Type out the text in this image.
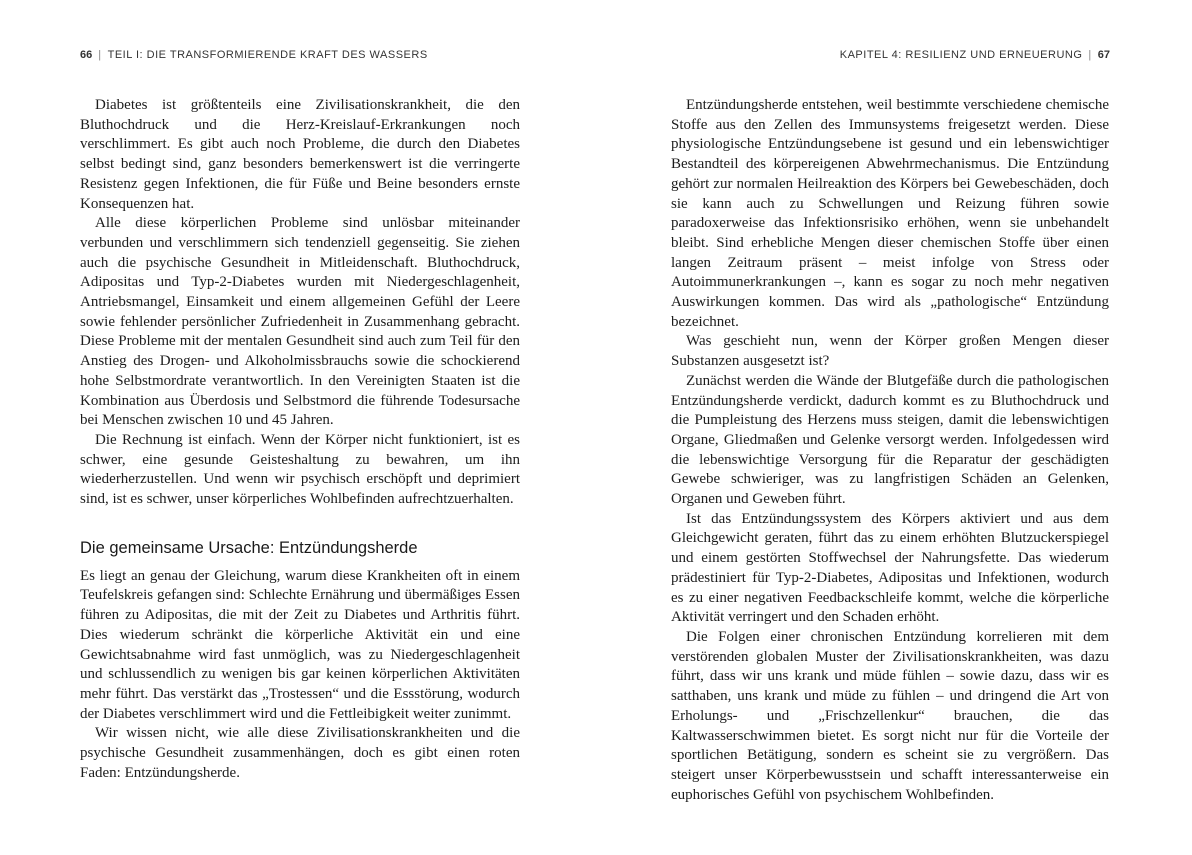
66 | TEIL I: DIE TRANSFORMIERENDE KRAFT DES WASSERS

Diabetes ist größtenteils eine Zivilisationskrankheit, die den Bluthochdruck und die Herz-Kreislauf-Erkrankungen noch verschlimmert. Es gibt auch noch Probleme, die durch den Diabetes selbst bedingt sind, ganz besonders bemerkenswert ist die verringerte Resistenz gegen Infektionen, die für Füße und Beine besonders ernste Konsequenzen hat.

Alle diese körperlichen Probleme sind unlösbar miteinander verbunden und verschlimmern sich tendenziell gegenseitig. Sie ziehen auch die psychische Gesundheit in Mitleidenschaft. Bluthochdruck, Adipositas und Typ-2-Diabetes wurden mit Niedergeschlagenheit, Antriebsmangel, Einsamkeit und einem allgemeinen Gefühl der Leere sowie fehlender persönlicher Zufriedenheit in Zusammenhang gebracht. Diese Probleme mit der mentalen Gesundheit sind auch zum Teil für den Anstieg des Drogen- und Alkoholmissbrauchs sowie die schockierend hohe Selbstmordrate verantwortlich. In den Vereinigten Staaten ist die Kombination aus Überdosis und Selbstmord die führende Todesursache bei Menschen zwischen 10 und 45 Jahren.

Die Rechnung ist einfach. Wenn der Körper nicht funktioniert, ist es schwer, eine gesunde Geisteshaltung zu bewahren, um ihn wiederherzustellen. Und wenn wir psychisch erschöpft und deprimiert sind, ist es schwer, unser körperliches Wohlbefinden aufrechtzuerhalten.

Die gemeinsame Ursache: Entzündungsherde

Es liegt an genau der Gleichung, warum diese Krankheiten oft in einem Teufelskreis gefangen sind: Schlechte Ernährung und übermäßiges Essen führen zu Adipositas, die mit der Zeit zu Diabetes und Arthritis führt. Dies wiederum schränkt die körperliche Aktivität ein und eine Gewichtsabnahme wird fast unmöglich, was zu Niedergeschlagenheit und schlussendlich zu wenigen bis gar keinen körperlichen Aktivitäten mehr führt. Das verstärkt das „Trostessen“ und die Essstörung, wodurch der Diabetes verschlimmert wird und die Fettleibigkeit weiter zunimmt.

Wir wissen nicht, wie alle diese Zivilisationskrankheiten und die psychische Gesundheit zusammenhängen, doch es gibt einen roten Faden: Entzündungsherde.

KAPITEL 4: RESILIENZ UND ERNEUERUNG | 67

Entzündungsherde entstehen, weil bestimmte verschiedene chemische Stoffe aus den Zellen des Immunsystems freigesetzt werden. Diese physiologische Entzündungsebene ist gesund und ein lebenswichtiger Bestandteil des körpereigenen Abwehrmechanismus. Die Entzündung gehört zur normalen Heilreaktion des Körpers bei Gewebeschäden, doch sie kann auch zu Schwellungen und Reizung führen sowie paradoxerweise das Infektionsrisiko erhöhen, wenn sie unbehandelt bleibt. Sind erhebliche Mengen dieser chemischen Stoffe über einen langen Zeitraum präsent – meist infolge von Stress oder Autoimmunerkrankungen –, kann es sogar zu noch mehr negativen Auswirkungen kommen. Das wird als „pathologische“ Entzündung bezeichnet.

Was geschieht nun, wenn der Körper großen Mengen dieser Substanzen ausgesetzt ist?

Zunächst werden die Wände der Blutgefäße durch die pathologischen Entzündungsherde verdickt, dadurch kommt es zu Bluthochdruck und die Pumpleistung des Herzens muss steigen, damit die lebenswichtigen Organe, Gliedmaßen und Gelenke versorgt werden. Infolgedessen wird die lebenswichtige Versorgung für die Reparatur der geschädigten Gewebe schwieriger, was zu langfristigen Schäden an Gelenken, Organen und Geweben führt.

Ist das Entzündungssystem des Körpers aktiviert und aus dem Gleichgewicht geraten, führt das zu einem erhöhten Blutzuckerspiegel und einem gestörten Stoffwechsel der Nahrungsfette. Das wiederum prädestiniert für Typ-2-Diabetes, Adipositas und Infektionen, wodurch es zu einer negativen Feedbackschleife kommt, welche die körperliche Aktivität verringert und den Schaden erhöht.

Die Folgen einer chronischen Entzündung korrelieren mit dem verstörenden globalen Muster der Zivilisationskrankheiten, was dazu führt, dass wir uns krank und müde fühlen – sowie dazu, dass wir es satthaben, uns krank und müde zu fühlen – und dringend die Art von Erholungs- und „Frischzellenkur“ brauchen, die das Kaltwasserschwimmen bietet. Es sorgt nicht nur für die Vorteile der sportlichen Betätigung, sondern es scheint sie zu vergrößern. Das steigert unser Körperbewusstsein und schafft interessanterweise ein euphorisches Gefühl von psychischem Wohlbefinden.
